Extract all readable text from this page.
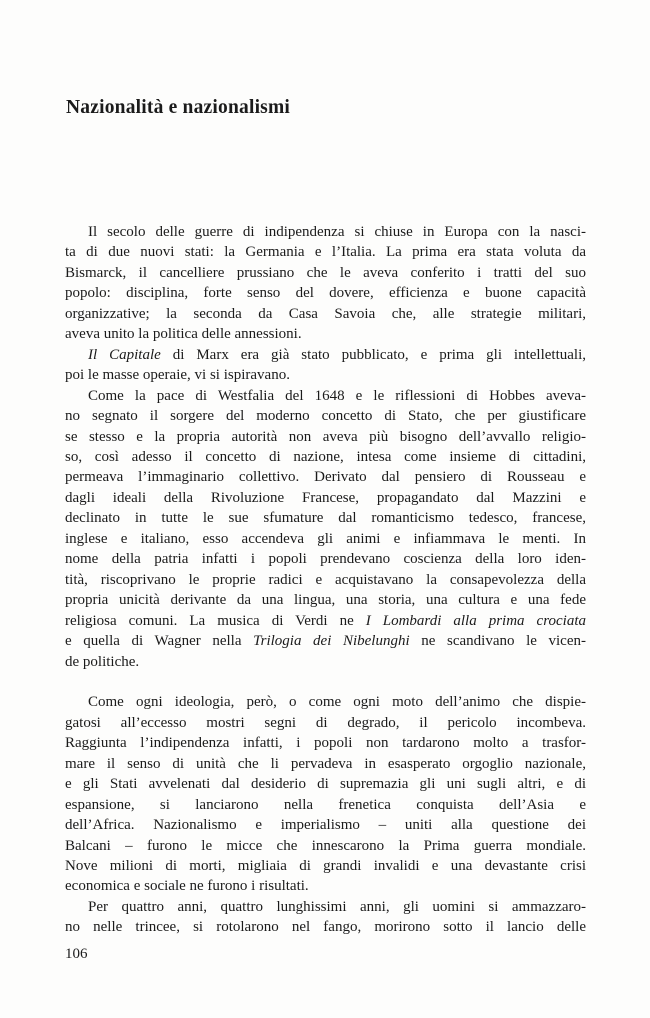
Nazionalità e nazionalismi
Il secolo delle guerre di indipendenza si chiuse in Europa con la nasci-
ta di due nuovi stati: la Germania e l’Italia. La prima era stata voluta da
Bismarck, il cancelliere prussiano che le aveva conferito i tratti del suo
popolo: disciplina, forte senso del dovere, efficienza e buone capacità
organizzative; la seconda da Casa Savoia che, alle strategie militari,
aveva unito la politica delle annessioni.
Il Capitale di Marx era già stato pubblicato, e prima gli intellettuali,
poi le masse operaie, vi si ispiravano.
Come la pace di Westfalia del 1648 e le riflessioni di Hobbes aveva-
no segnato il sorgere del moderno concetto di Stato, che per giustificare
se stesso e la propria autorità non aveva più bisogno dell’avvallo religio-
so, così adesso il concetto di nazione, intesa come insieme di cittadini,
permeava l’immaginario collettivo. Derivato dal pensiero di Rousseau e
dagli ideali della Rivoluzione Francese, propagandato dal Mazzini e
declinato in tutte le sue sfumature dal romanticismo tedesco, francese,
inglese e italiano, esso accendeva gli animi e infiammava le menti. In
nome della patria infatti i popoli prendevano coscienza della loro iden-
tità, riscoprivano le proprie radici e acquistavano la consapevolezza della
propria unicità derivante da una lingua, una storia, una cultura e una fede
religiosa comuni. La musica di Verdi ne I Lombardi alla prima crociata
e quella di Wagner nella Trilogia dei Nibelunghi ne scandivano le vicen-
de politiche.
Come ogni ideologia, però, o come ogni moto dell’animo che dispie-
gatosi all’eccesso mostri segni di degrado, il pericolo incombeva.
Raggiunta l’indipendenza infatti, i popoli non tardarono molto a trasfor-
mare il senso di unità che li pervadeva in esasperato orgoglio nazionale,
e gli Stati avvelenati dal desiderio di supremazia gli uni sugli altri, e di
espansione, si lanciarono nella frenetica conquista dell’Asia e
dell’Africa. Nazionalismo e imperialismo – uniti alla questione dei
Balcani – furono le micce che innescarono la Prima guerra mondiale.
Nove milioni di morti, migliaia di grandi invalidi e una devastante crisi
economica e sociale ne furono i risultati.
Per quattro anni, quattro lunghissimi anni, gli uomini si ammazzaro-
no nelle trincee, si rotolarono nel fango, morirono sotto il lancio delle
106
